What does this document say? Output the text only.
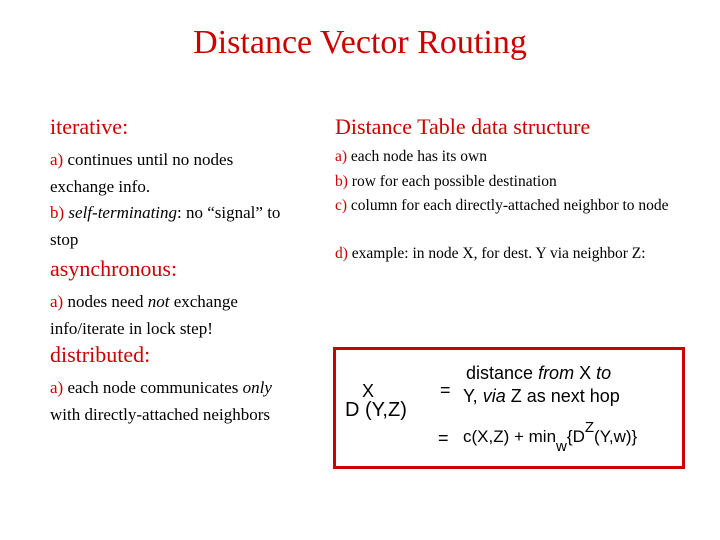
Distance Vector Routing
iterative:
a) continues until no nodes exchange info.
b) self-terminating: no “signal” to stop
asynchronous:
a) nodes need not exchange info/iterate in lock step!
distributed:
a) each node communicates only with directly-attached neighbors
Distance Table data structure
a) each node has its own
b) row for each possible destination
c) column for each directly-attached neighbor to node
d) example: in node X, for dest. Y via neighbor Z:
X
D (Y,Z)
=
distance from X to
Y, via Z as next hop
= c(X,Z) + minw{DZ(Y,w)}
